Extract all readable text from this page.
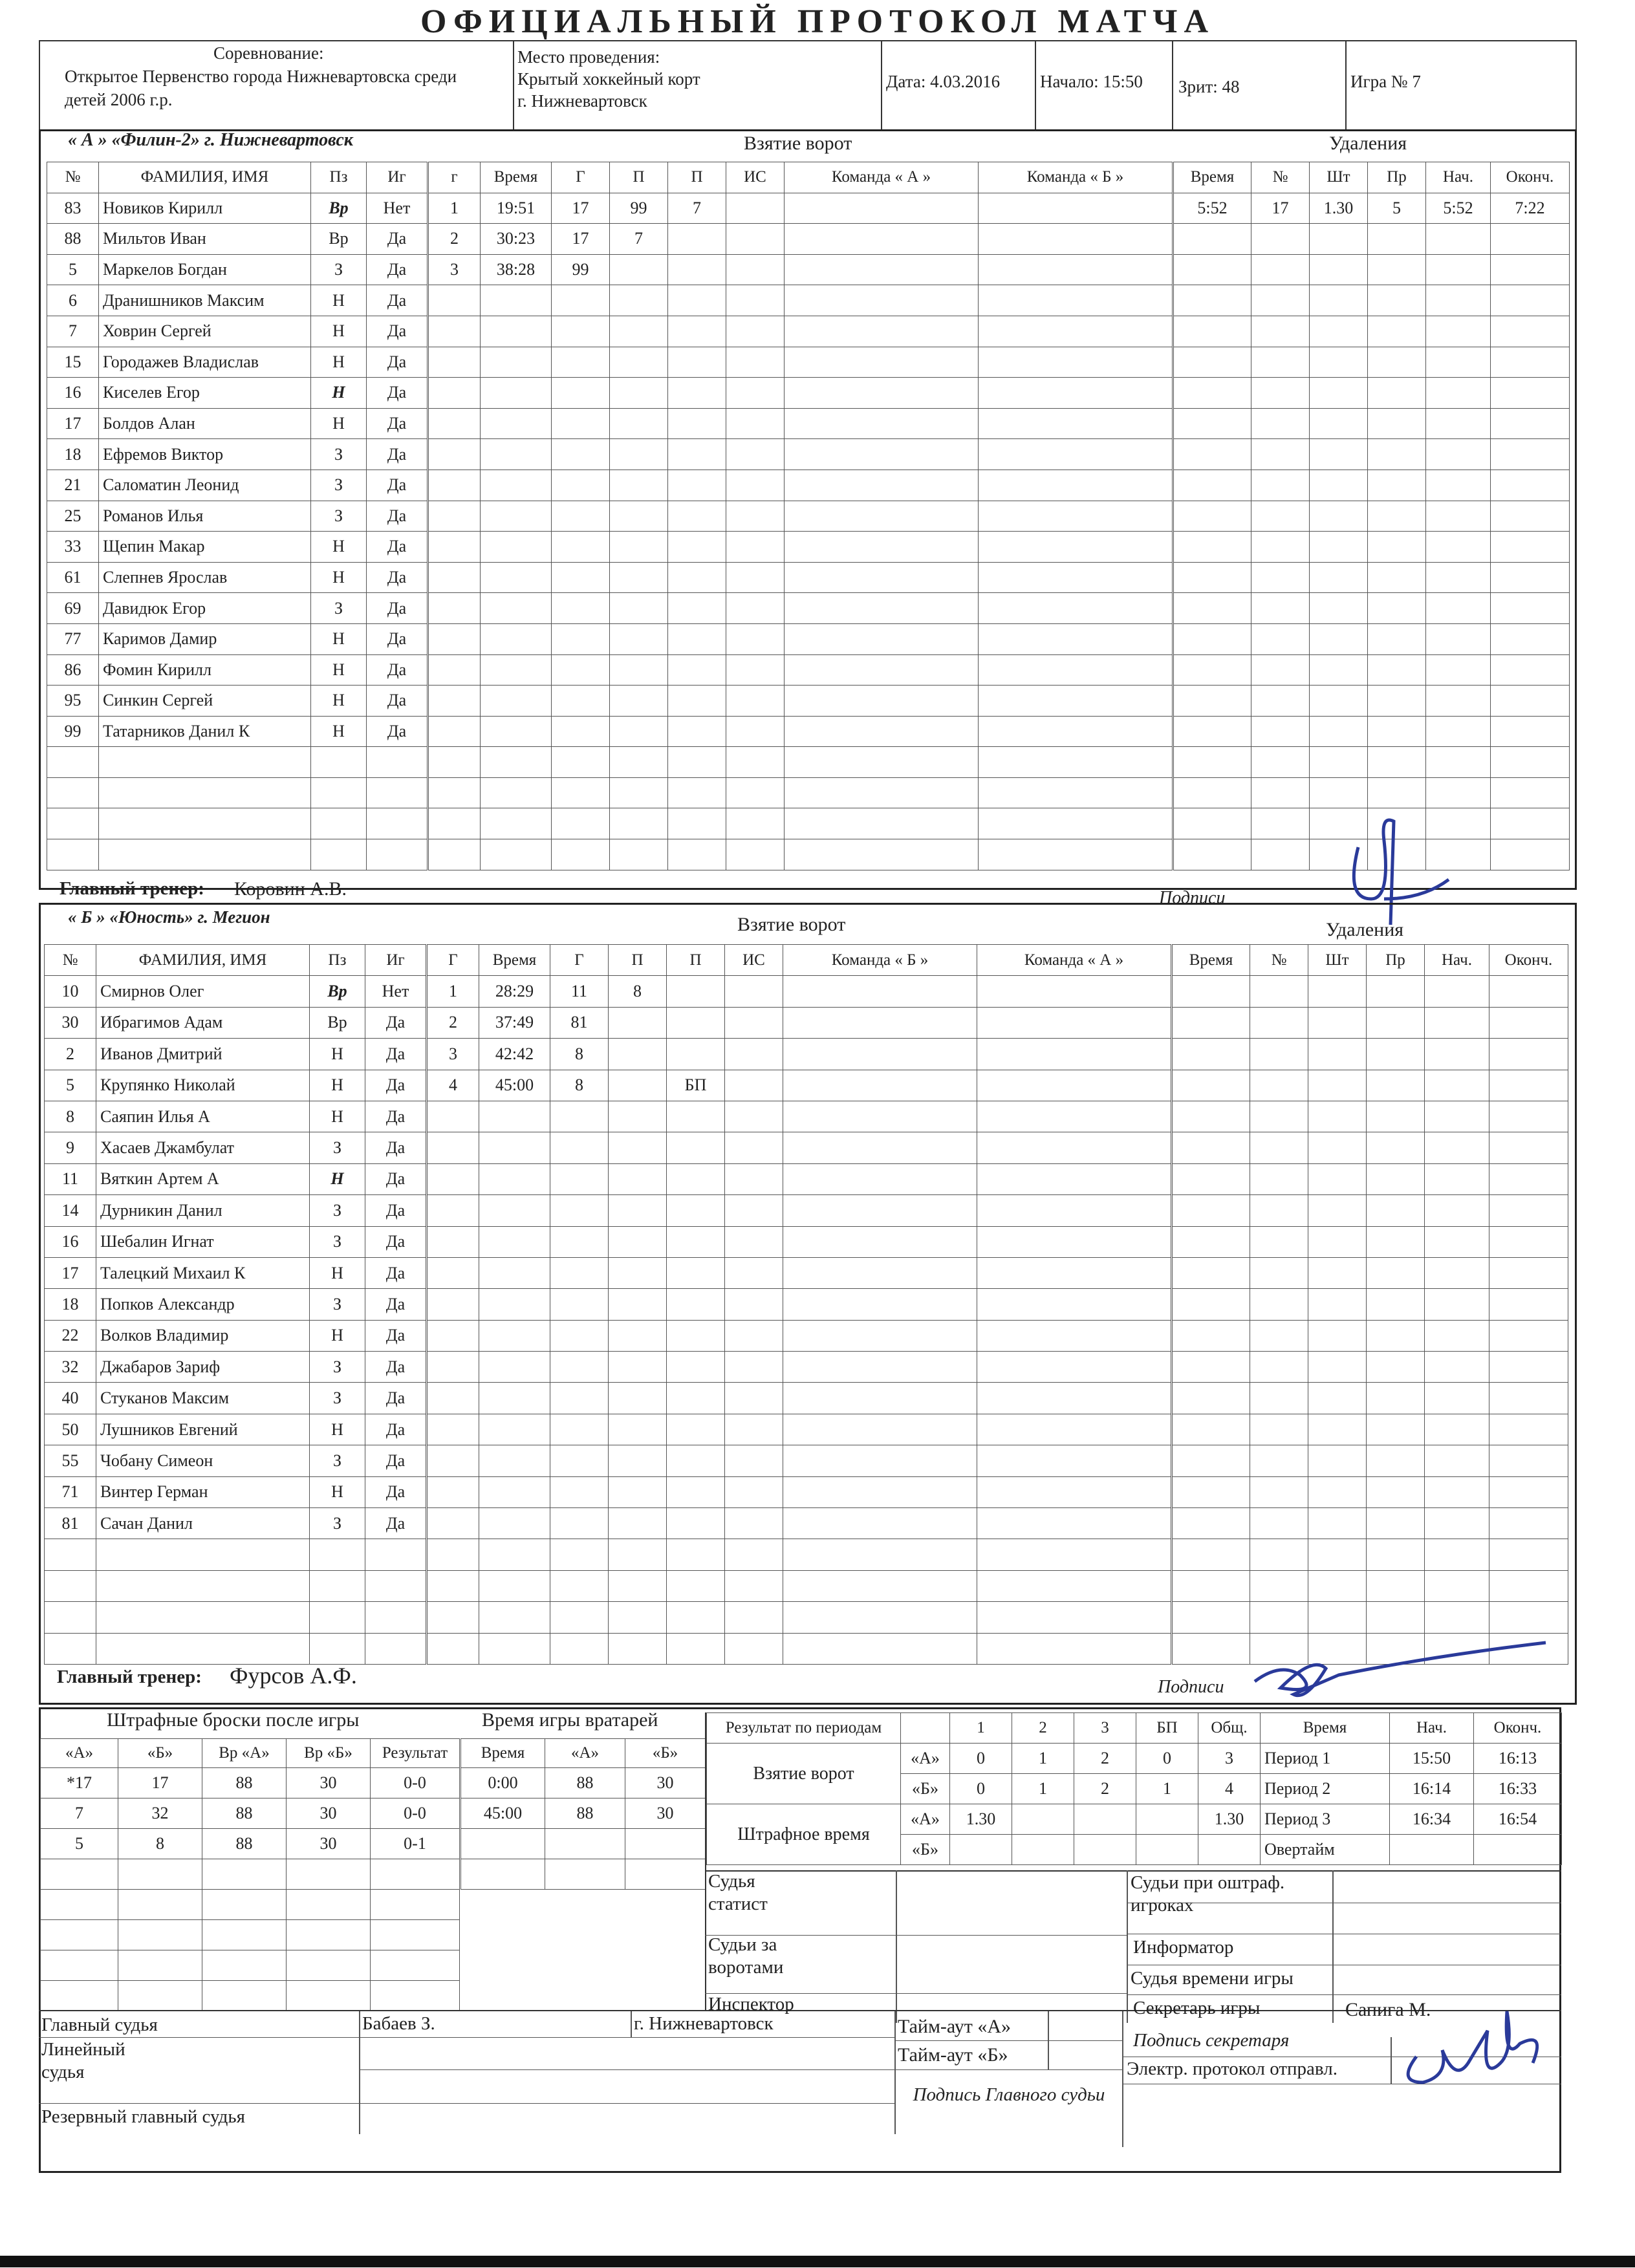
ОФИЦИАЛЬНЫЙ ПРОТОКОЛ МАТЧА
Соревнование:
Открытое Первенство города Нижневартовска среди
детей 2006 г.р.
Место проведения:
Крытый хоккейный корт
г. Нижневартовск
Дата: 4.03.2016 Начало: 15:50 Зрит: 48	Игра № 7
« А » «Филин-2» г. Нижневартовск	Взятие ворот	Удаления
№	ФАМИЛИЯ, ИМЯ	Пз	Иг
83	Новиков Кирилл	Вр	Нет
88	Мильтов Иван	Вр	Да
5	Маркелов Богдан	З	Да
6	Дранишников Максим	Н	Да
7	Ховрин Сергей	Н	Да
15	Городажев Владислав	Н	Да
16	Киселев Егор	Н	Да
17	Болдов Алан	Н	Да
18	Ефремов Виктор	З	Да
21	Саломатин Леонид	З	Да
25	Романов Илья	З	Да
33	Щепин Макар	Н	Да
61	Слепнев Ярослав	Н	Да
69	Давидюк Егор	З	Да
77	Каримов Дамир	Н	Да
86	Фомин Кирилл	Н	Да
95	Синкин Сергей	Н	Да
99	Татарников Данил К	Н	Да

г	Время	Г	П	П	ИС	Команда « А »	Команда « Б »
1	19:51	17	99	7			
2	30:23	17	7				
3	38:28	99					

Время	№	Шт	Пр	Нач.	Оконч.
5:52	17	1.30	5	5:52	7:22

Главный тренер: Коровин А.В.	Подписи
« Б » «Юность» г. Мегион	Взятие ворот	Удаления
№	ФАМИЛИЯ, ИМЯ	Пз	Иг
10	Смирнов Олег	Вр	Нет
30	Ибрагимов Адам	Вр	Да
2	Иванов Дмитрий	Н	Да
5	Крупянко Николай	Н	Да
8	Саяпин Илья А	Н	Да
9	Хасаев Джамбулат	З	Да
11	Вяткин Артем А	Н	Да
14	Дурникин Данил	З	Да
16	Шебалин Игнат	З	Да
17	Талецкий Михаил К	Н	Да
18	Попков Александр	З	Да
22	Волков Владимир	Н	Да
32	Джабаров Зариф	З	Да
40	Стуканов Максим	З	Да
50	Лушников Евгений	Н	Да
55	Чобану Симеон	З	Да
71	Винтер Герман	Н	Да
81	Сачан Данил	З	Да

Г	Время	Г	П	П	ИС	Команда « Б »	Команда « А »
1	28:29	11	8				
2	37:49	81					
3	42:42	8					
4	45:00	8		БП			

Время	№	Шт	Пр	Нач.	Оконч.

Главный тренер: Фурсов А.Ф.	Подписи
Штрафные броски после игры
«А»	«Б»	Вр «А»	Вр «Б»	Результат
*17	17	88	30	0-0
7	32	88	30	0-0
5	8	88	30	0-1

Время игры вратарей
Время	«А»	«Б»
0:00	88	30
45:00	88	30

Результат по периодам		1	2	3	БП	Общ.
Взятие ворот	«А»	0	1	2	0	3
	«Б»	0	1	2	1	4
Штрафное время	«А»	1.30				1.30
	«Б»					
Время	Нач.	Оконч.
Период 1	15:50	16:13
Период 2	16:14	16:33
Период 3	16:34	16:54
Овертайм		
Судья статист
Судьи за воротами
Инспектор
Судьи при оштраф. игроках
Информатор
Судья времени игры
Секретарь игры	Сапига М.
Главный судья	Бабаев З.	г. Нижневартовск
Линейный судья
Резервный главный судья
Тайм-аут «А»
Тайм-аут «Б»
Подпись секретаря
Электр. протокол отправл.
Подпись Главного судьи
